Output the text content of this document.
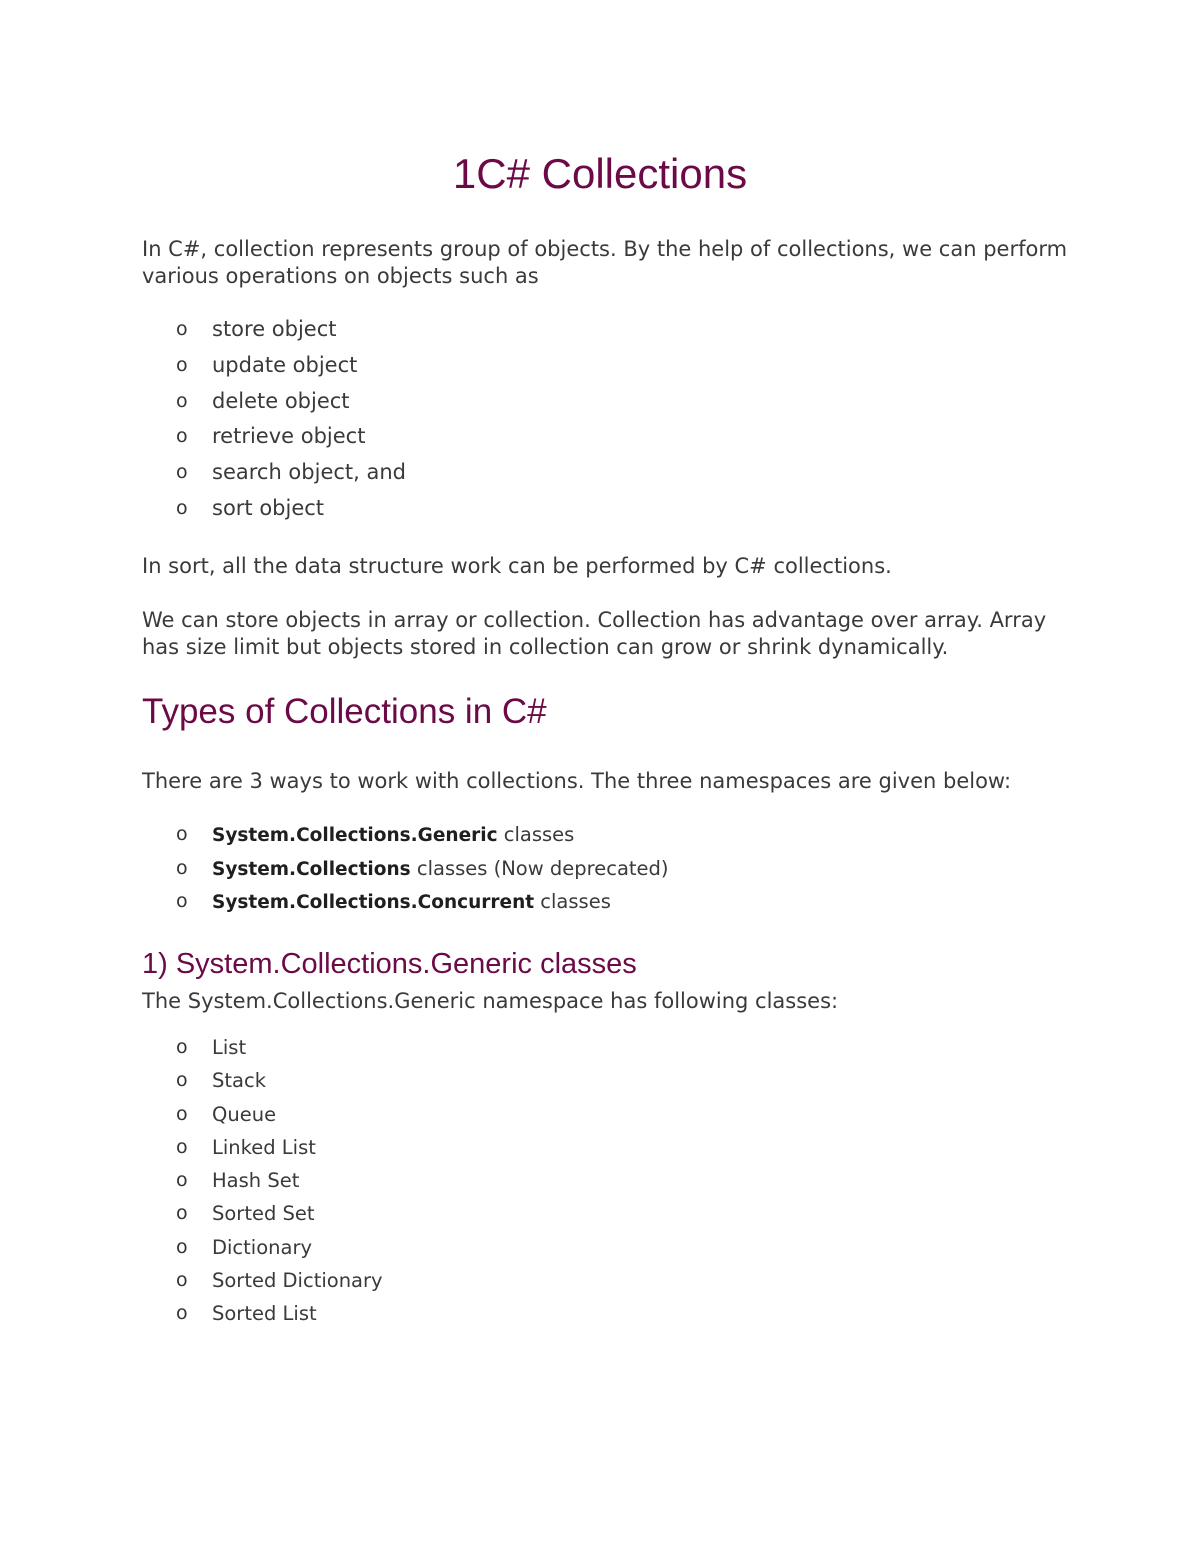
1C# Collections

In C#, collection represents group of objects. By the help of collections, we can perform various operations on objects such as

o store object
o update object
o delete object
o retrieve object
o search object, and
o sort object

In sort, all the data structure work can be performed by C# collections.

We can store objects in array or collection. Collection has advantage over array. Array has size limit but objects stored in collection can grow or shrink dynamically.

Types of Collections in C#

There are 3 ways to work with collections. The three namespaces are given below:

o System.Collections.Generic classes
o System.Collections classes (Now deprecated)
o System.Collections.Concurrent classes
1) System.Collections.Generic classes

The System.Collections.Generic namespace has following classes:

o List
o Stack
o Queue
o Linked List
o Hash Set
o Sorted Set
o Dictionary
o Sorted Dictionary
o Sorted List
